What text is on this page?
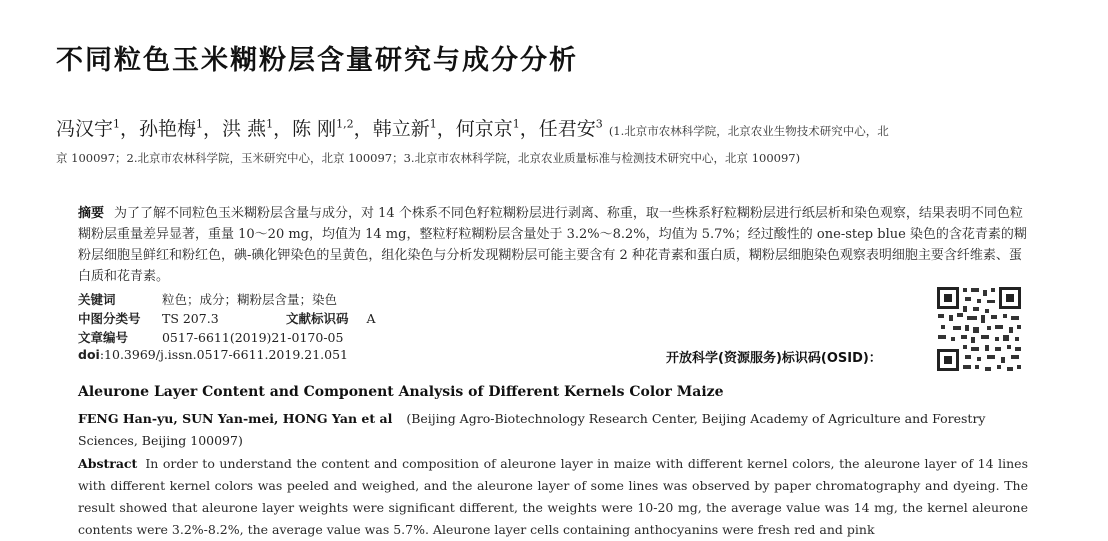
不同粒色玉米糊粉层含量研究与成分分析
冯汉宇$^1$，孙艳梅$^1$，洪 燕$^1$，陈 刚$^{1,2}$，韩立新$^1$，何京京$^1$，任君安$^3$ (1.北京市农林科学院，北京农业生物技术研究中心，北
京 100097；2.北京市农林科学院，玉米研究中心，北京 100097；3.北京市农林科学院，北京农业质量标准与检测技术研究中心，北京 100097)
摘要 为了了解不同粒色玉米糊粉层含量与成分，对 14 个株系不同色籽粒糊粉层进行剥离、称重，取一些株系籽粒糊粉层进行纸层析和染色观察，结果表明不同色粒糊粉层重量差异显著，重量 10～20 mg，均值为 14 mg，整粒籽粒糊粉层含量处于 3.2%～8.2%，均值为 5.7%；经过酸性的 one-step blue 染色的含花青素的糊粉层细胞呈鲜红和粉红色，碘-碘化钾染色的呈黄色，组化染色与分析发现糊粉层可能主要含有 2 种花青素和蛋白质，糊粉层细胞染色观察表明细胞主要含纤维素、蛋白质和花青素。
关键词	粒色；成分；糊粉层含量；染色
中图分类号 TS 207.3	文献标识码 A
文章编号	0517-6611(2019)21-0170-05
doi:10.3969/j.issn.0517-6611.2019.21.051	开放科学(资源服务)标识码(OSID)：
Aleurone Layer Content and Component Analysis of Different Kernels Color Maize
FENG Han-yu, SUN Yan-mei, HONG Yan et al (Beijing Agro-Biotechnology Research Center, Beijing Academy of Agriculture and Forestry Sciences, Beijing 100097)
Abstract In order to understand the content and composition of aleurone layer in maize with different kernel colors, the aleurone layer of 14 lines with different kernel colors was peeled and weighed, and the aleurone layer of some lines was observed by paper chromatography and dyeing. The result showed that aleurone layer weights were significant different, the weights were 10-20 mg, the average value was 14 mg, the kernel aleurone contents were 3.2%-8.2%, the average value was 5.7%. Aleurone layer cells containing anthocyanins were fresh red and pink
